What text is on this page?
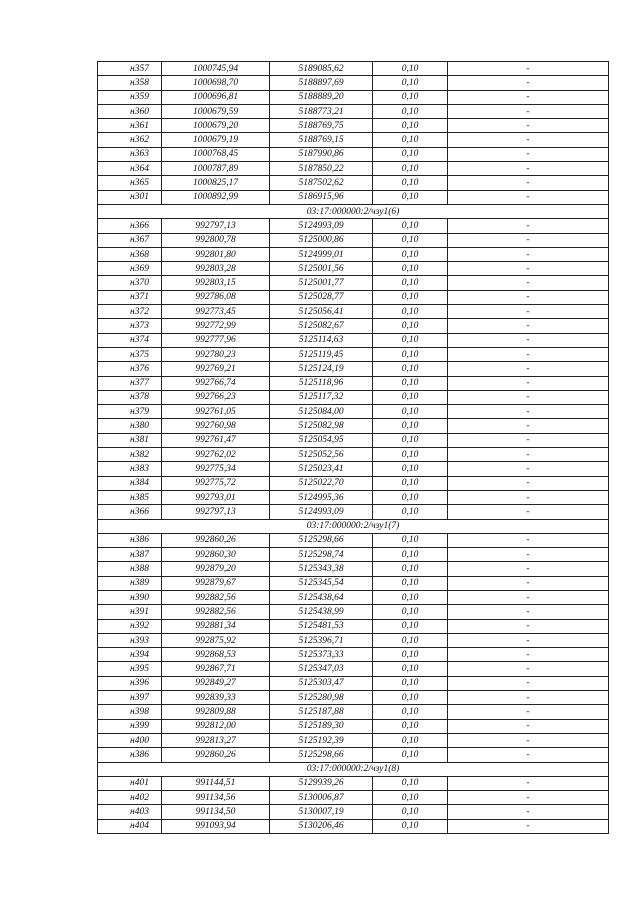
н357	1000745,94	5189085,62	0,10	-
н358	1000698,70	5188897,69	0,10	-
н359	1000696,81	5188889,20	0,10	-
н360	1000679,59	5188773,21	0,10	-
н361	1000679,20	5188769,75	0,10	-
н362	1000679,19	5188769,15	0,10	-
н363	1000768,45	5187990,86	0,10	-
н364	1000787,89	5187850,22	0,10	-
н365	1000825,17	5187502,62	0,10	-
н301	1000892,99	5186915,96	0,10	-
03:17:000000:2/чзу1(6)				
н366	992797,13	5124993,09	0,10	-
н367	992800,78	5125000,86	0,10	-
н368	992801,80	5124999,01	0,10	-
н369	992803,28	5125001,56	0,10	-
н370	992803,15	5125001,77	0,10	-
н371	992786,08	5125028,77	0,10	-
н372	992773,45	5125056,41	0,10	-
н373	992772,99	5125082,67	0,10	-
н374	992777,96	5125114,63	0,10	-
н375	992780,23	5125119,45	0,10	-
н376	992769,21	5125124,19	0,10	-
н377	992766,74	5125118,96	0,10	-
н378	992766,23	5125117,32	0,10	-
н379	992761,05	5125084,00	0,10	-
н380	992760,98	5125082,98	0,10	-
н381	992761,47	5125054,95	0,10	-
н382	992762,02	5125052,56	0,10	-
н383	992775,34	5125023,41	0,10	-
н384	992775,72	5125022,70	0,10	-
н385	992793,01	5124995,36	0,10	-
н366	992797,13	5124993,09	0,10	-
03:17:000000:2/чзу1(7)				
н386	992860,26	5125298,66	0,10	-
н387	992860,30	5125298,74	0,10	-
н388	992879,20	5125343,38	0,10	-
н389	992879,67	5125345,54	0,10	-
н390	992882,56	5125438,64	0,10	-
н391	992882,56	5125438,99	0,10	-
н392	992881,34	5125481,53	0,10	-
н393	992875,92	5125396,71	0,10	-
н394	992868,53	5125373,33	0,10	-
н395	992867,71	5125347,03	0,10	-
н396	992849,27	5125303,47	0,10	-
н397	992839,33	5125280,98	0,10	-
н398	992809,88	5125187,88	0,10	-
н399	992812,00	5125189,30	0,10	-
н400	992813,27	5125192,39	0,10	-
н386	992860,26	5125298,66	0,10	-
03:17:000000:2/чзу1(8)				
н401	991144,51	5129939,26	0,10	-
н402	991134,56	5130006,87	0,10	-
н403	991134,50	5130007,19	0,10	-
н404	991093,94	5130206,46	0,10	-
